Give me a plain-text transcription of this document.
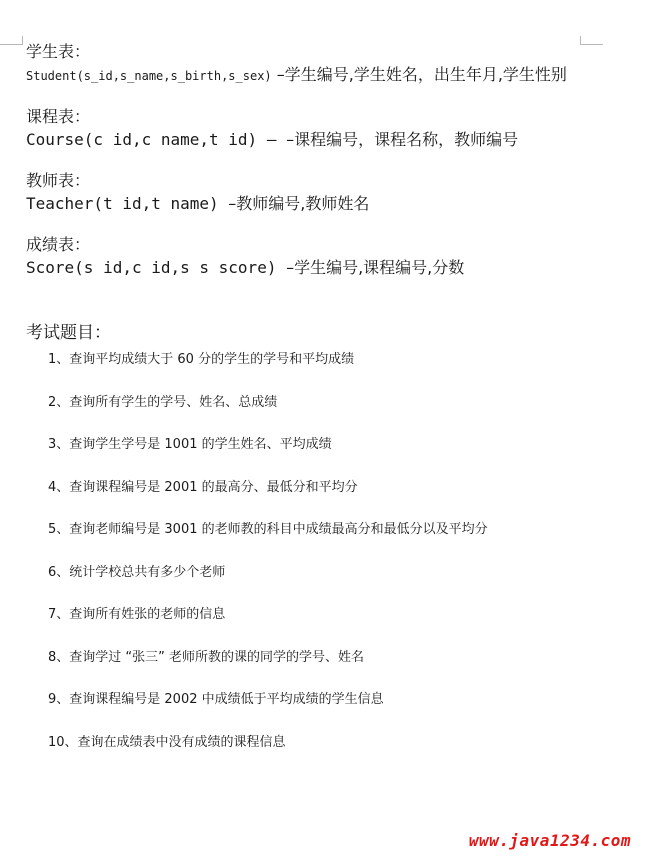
学生表：

Student(s_id,s_name,s_birth,s_sex) –学生编号,学生姓名，出生年月,学生性别

课程表：

Course(c id,c name,t id) – –课程编号，课程名称，教师编号

教师表：

Teacher(t id,t name) –教师编号,教师姓名

成绩表：

Score(s id,c id,s s score) –学生编号,课程编号,分数

考试题目：

1、查询平均成绩大于 60 分的学生的学号和平均成绩
2、查询所有学生的学号、姓名、总成绩
3、查询学生学号是 1001 的学生姓名、平均成绩
4、查询课程编号是 2001 的最高分、最低分和平均分
5、查询老师编号是 3001 的老师教的科目中成绩最高分和最低分以及平均分
6、统计学校总共有多少个老师
7、查询所有姓张的老师的信息
8、查询学过 “张三” 老师所教的课的同学的学号、姓名
9、查询课程编号是 2002 中成绩低于平均成绩的学生信息
10、查询在成绩表中没有成绩的课程信息
www.java1234.com
